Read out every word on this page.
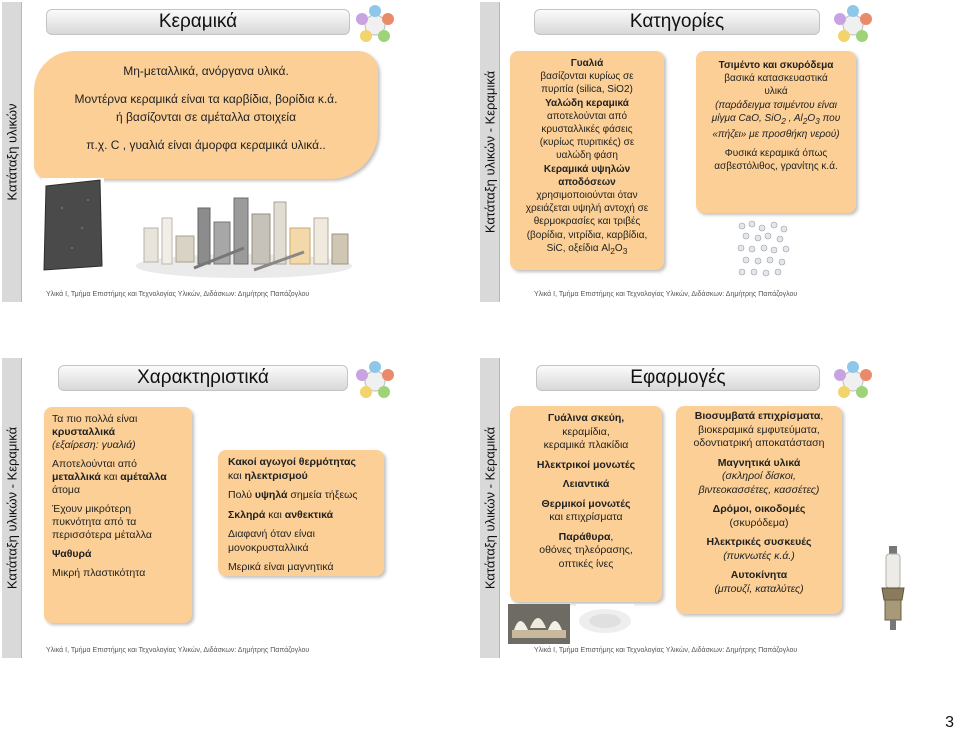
Κατάταξη υλικών
Κεραμικά
Μη-μεταλλικά, ανόργανα υλικά.
Μοντέρνα κεραμικά είναι τα καρβίδια, βορίδια κ.ά.
ή βασίζονται σε αμέταλλα στοιχεία
π.χ. C , γυαλιά είναι άμορφα κεραμικά υλικά..
Υλικά Ι, Τμήμα Επιστήμης και Τεχνολογίας Υλικών, Διδάσκων: Δημήτρης Παπάζογλου
Κατάταξη υλικών - Κεραμικά
Κατηγορίες
Γυαλιά
βασίζονται κυρίως σε
πυριτία (silica, SiO2)
Υαλώδη κεραμικά
αποτελούνται από
κρυσταλλικές φάσεις
(κυρίως πυριτικές) σε
υαλώδη φάση
Κεραμικά υψηλών
αποδόσεων
χρησιμοποιούνται όταν
χρειάζεται υψηλή αντοχή σε
θερμοκρασίες και τριβές
(βορίδια, νιτρίδια, καρβίδια,
SiC, οξείδια $Al_2O_3$
Τσιμέντο και σκυρόδεμα
βασικά κατασκευαστικά
υλικά
(παράδειγμα τσιμέντου είναι
μίγμα CaO, SiO$_2$ , $Al_2O_3$ που
«πήζει» με προσθήκη νερού)
Φυσικά κεραμικά όπως
ασβεστόλιθος, γρανίτης κ.ά.
Υλικά Ι, Τμήμα Επιστήμης και Τεχνολογίας Υλικών, Διδάσκων: Δημήτρης Παπάζογλου
Κατάταξη υλικών - Κεραμικά
Χαρακτηριστικά
Τα πιο πολλά είναι
κρυσταλλικά
(εξαίρεση: γυαλιά)
Αποτελούνται από
μεταλλικά και αμέταλλα
άτομα
Έχουν μικρότερη
πυκνότητα από τα
περισσότερα μέταλλα
Ψαθυρά
Μικρή πλαστικότητα
Κακοί αγωγοί θερμότητας
και ηλεκτρισμού
Πολύ υψηλά σημεία τήξεως
Σκληρά και ανθεκτικά
Διαφανή όταν είναι
μονοκρυσταλλικά
Μερικά είναι μαγνητικά
Υλικά Ι, Τμήμα Επιστήμης και Τεχνολογίας Υλικών, Διδάσκων: Δημήτρης Παπάζογλου
Κατάταξη υλικών - Κεραμικά
Εφαρμογές
Γυάλινα σκεύη,
κεραμίδια,
κεραμικά πλακίδια
Ηλεκτρικοί μονωτές
Λειαντικά
Θερμικοί μονωτές
και επιχρίσματα
Παράθυρα,
οθόνες τηλεόρασης,
οπτικές ίνες
Βιοσυμβατά επιχρίσματα,
βιοκεραμικά εμφυτεύματα,
οδοντιατρική αποκατάσταση
Μαγνητικά υλικά
(σκληροί δίσκοι,
βιντεοκασσέτες, κασσέτες)
Δρόμοι, οικοδομές
(σκυρόδεμα)
Ηλεκτρικές συσκευές
(πυκνωτές κ.ά.)
Αυτοκίνητα
(μπουζί, καταλύτες)
Υλικά Ι, Τμήμα Επιστήμης και Τεχνολογίας Υλικών, Διδάσκων: Δημήτρης Παπάζογλου
3
